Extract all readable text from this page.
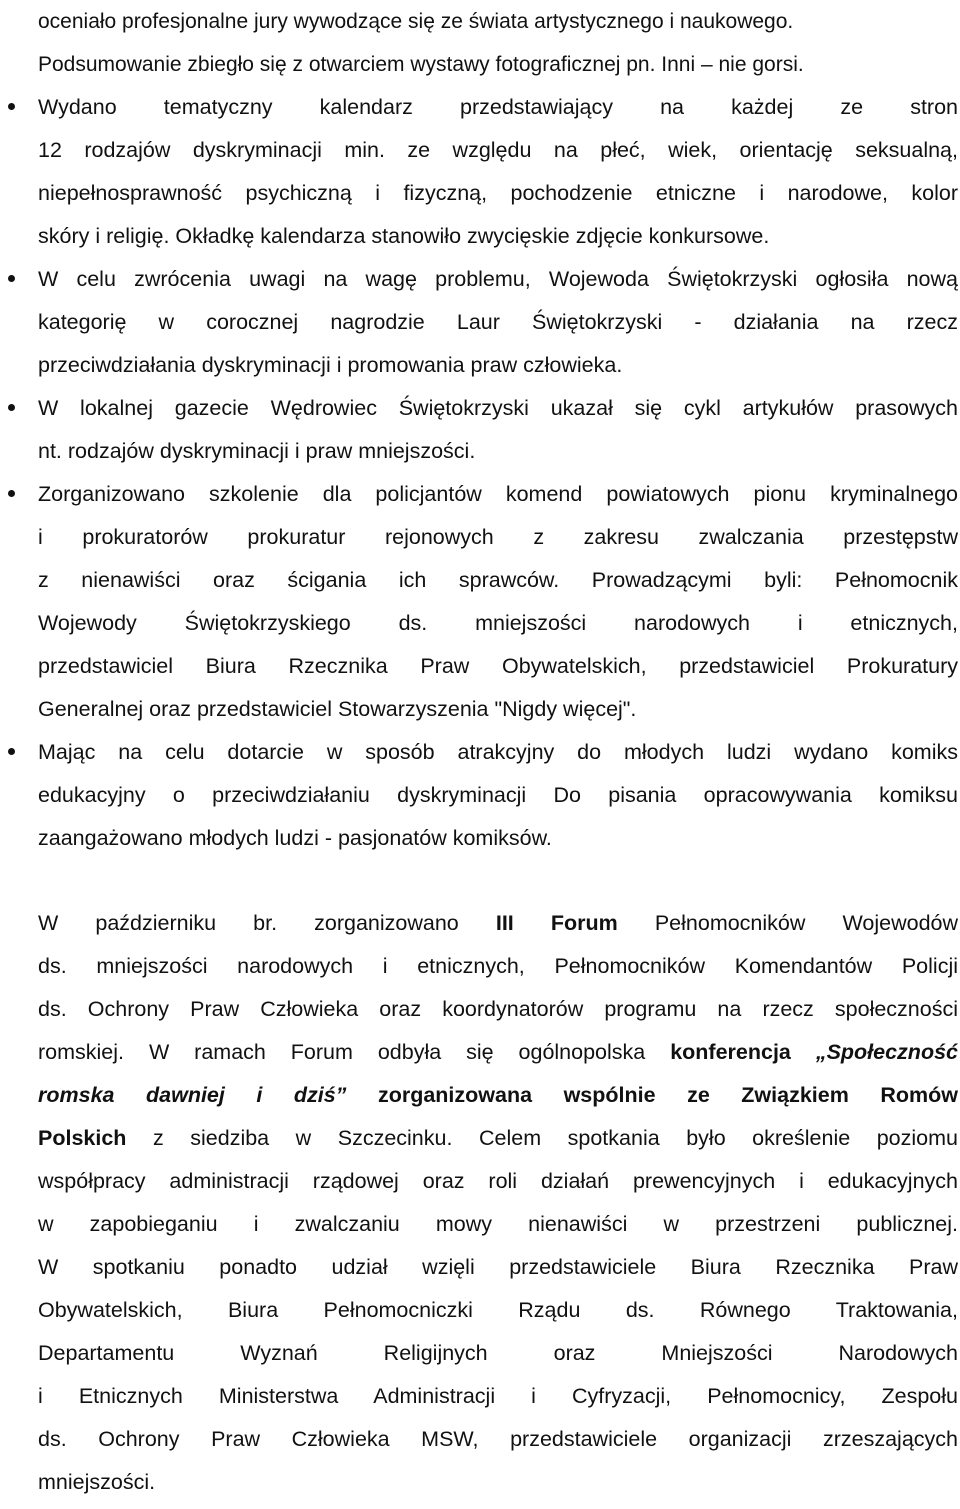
oceniało profesjonalne jury wywodzące się ze świata artystycznego i naukowego.
Podsumowanie zbiegło się z otwarciem wystawy fotograficznej pn. Inni – nie gorsi.
Wydano tematyczny kalendarz przedstawiający na każdej ze stron
12 rodzajów dyskryminacji min. ze względu na płeć, wiek, orientację seksualną,
niepełnosprawność psychiczną i fizyczną, pochodzenie etniczne i narodowe, kolor
skóry i religię. Okładkę kalendarza stanowiło zwycięskie zdjęcie konkursowe.
W celu zwrócenia uwagi na wagę problemu, Wojewoda Świętokrzyski ogłosiła nową
kategorię w corocznej nagrodzie Laur Świętokrzyski - działania na rzecz
przeciwdziałania dyskryminacji i promowania praw człowieka.
W lokalnej gazecie Wędrowiec Świętokrzyski ukazał się cykl artykułów prasowych
nt. rodzajów dyskryminacji i praw mniejszości.
Zorganizowano szkolenie dla policjantów komend powiatowych pionu kryminalnego
i prokuratorów prokuratur rejonowych z zakresu zwalczania przestępstw
z nienawiści oraz ścigania ich sprawców. Prowadzącymi byli: Pełnomocnik
Wojewody Świętokrzyskiego ds. mniejszości narodowych i etnicznych,
przedstawiciel Biura Rzecznika Praw Obywatelskich, przedstawiciel Prokuratury
Generalnej oraz przedstawiciel Stowarzyszenia "Nigdy więcej".
Mając na celu dotarcie w sposób atrakcyjny do młodych ludzi wydano komiks
edukacyjny o przeciwdziałaniu dyskryminacji Do pisania opracowywania komiksu
zaangażowano młodych ludzi - pasjonatów komiksów.
W październiku br. zorganizowano III Forum Pełnomocników Wojewodów
ds. mniejszości narodowych i etnicznych, Pełnomocników Komendantów Policji
ds. Ochrony Praw Człowieka oraz koordynatorów programu na rzecz społeczności
romskiej. W ramach Forum odbyła się ogólnopolska konferencja „Społeczność
romska dawniej i dziś” zorganizowana wspólnie ze Związkiem Romów
Polskich z siedziba w Szczecinku. Celem spotkania było określenie poziomu
współpracy administracji rządowej oraz roli działań prewencyjnych i edukacyjnych
w zapobieganiu i zwalczaniu mowy nienawiści w przestrzeni publicznej.
W spotkaniu ponadto udział wzięli przedstawiciele Biura Rzecznika Praw
Obywatelskich, Biura Pełnomocniczki Rządu ds. Równego Traktowania,
Departamentu Wyznań Religijnych oraz Mniejszości Narodowych
i Etnicznych Ministerstwa Administracji i Cyfryzacji, Pełnomocnicy, Zespołu
ds. Ochrony Praw Człowieka MSW, przedstawiciele organizacji zrzeszających
mniejszości.
